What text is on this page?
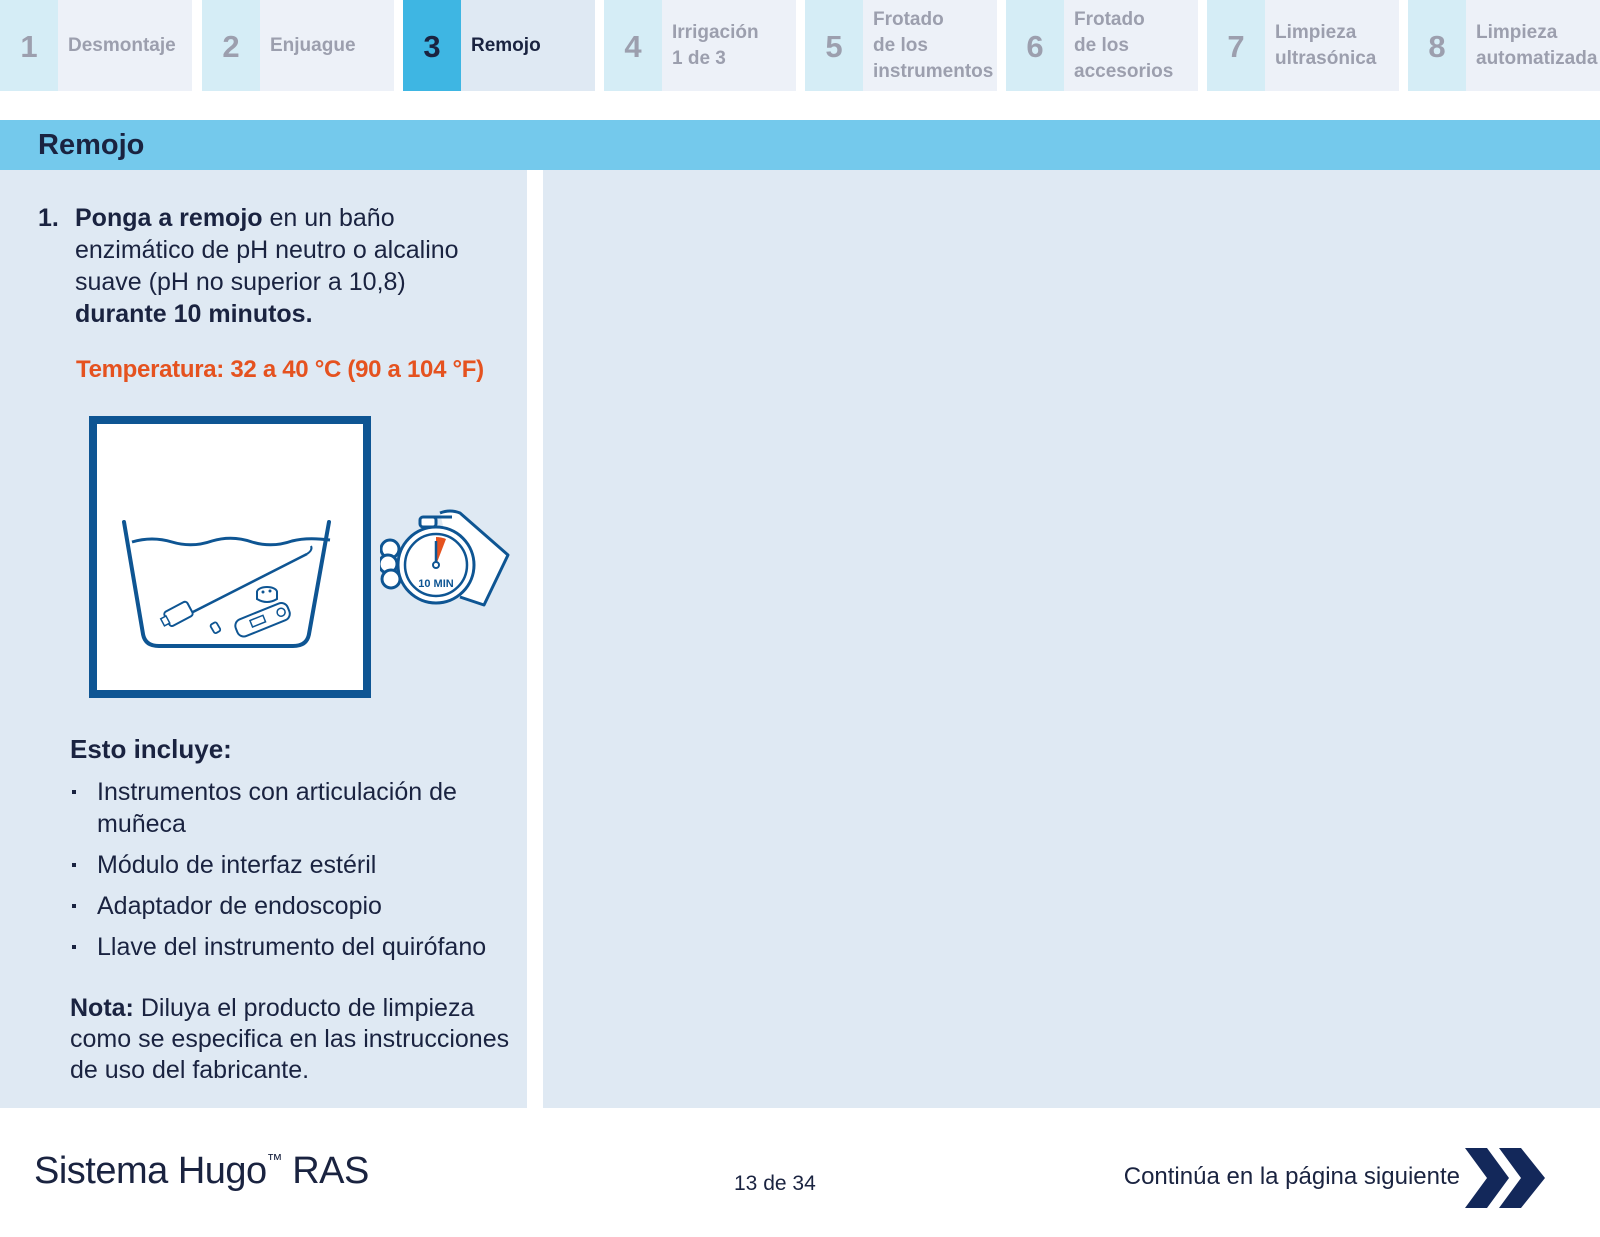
1	Desmontaje	2	Enjuague	3	Remojo	4	Irrigación
1 de 3	5
Frotado
de los
instrumentos
6
Frotado
de los
accesorios
7	Limpieza
ultrasónica	8	Limpieza
automatizada
Remojo
1. Ponga a remojo en un baño enzimático de pH neutro o alcalino suave (pH no superior a 10,8)
durante 10 minutos.
Temperatura: 32 a 40 °C (90 a 104 °F)
10 MIN
Esto incluye:
Instrumentos con articulación de muñeca
Módulo de interfaz estéril
Adaptador de endoscopio
Llave del instrumento del quirófano
Nota: Diluya el producto de limpieza como se especifica en las instrucciones de uso del fabricante.
Sistema Hugo™ RAS	13 de 34	Continúa en la página siguiente
